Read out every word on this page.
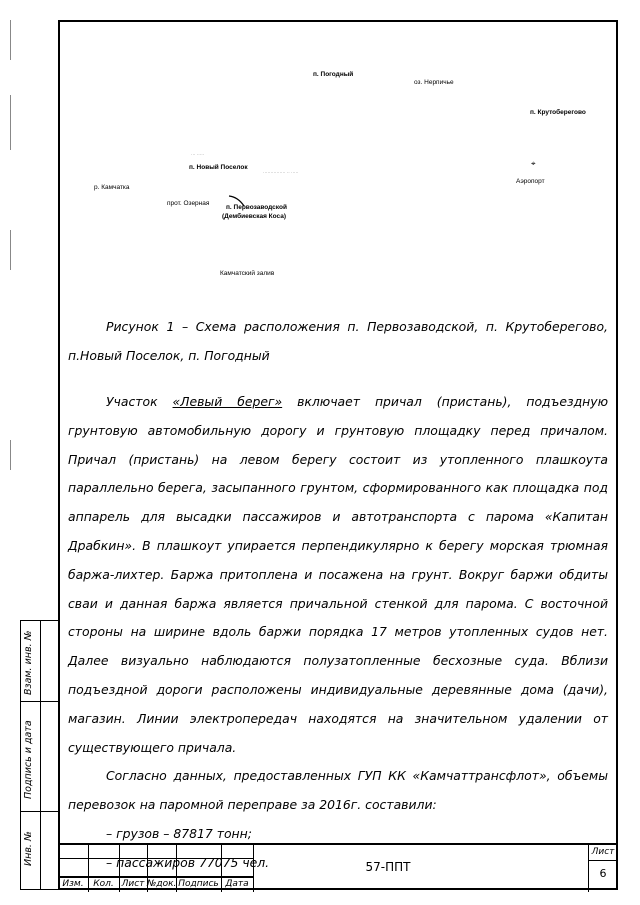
Взам. инв. №
Подпись и дата
Инв. №
п. Погодный
оз. Нерпичье
п. Крутоберегово
··· ·····
п. Новый Поселок
··············· ·· ·····
р. Камчатка
⌖
Аэропорт
прот. Озерная
п. Первозаводской
(Дембиевская Коса)
Камчатский залив

Рисунок 1 – Схема расположения п. Первозаводской, п. Крутоберегово, п.Новый Поселок, п. Погодный

Участок «Левый берег» включает причал (пристань), подъездную грунтовую автомобильную дорогу и грунтовую площадку перед причалом. Причал (пристань) на левом берегу состоит из утопленного плашкоута параллельно берега, засыпанного грунтом, сформированного как площадка под аппарель для высадки пассажиров и автотранспорта с парома «Капитан Драбкин». В плашкоут упирается перпендикулярно к берегу морская трюмная баржа-лихтер. Баржа притоплена и посажена на грунт. Вокруг баржи обдиты сваи и данная баржа является причальной стенкой для парома. С восточной стороны на ширине вдоль баржи порядка 17 метров утопленных судов нет. Далее визуально наблюдаются полузатопленные бесхозные суда. Вблизи подъездной дороги расположены индивидуальные деревянные дома (дачи), магазин. Линии электропередач находятся на значительном удалении от существующего причала.

Согласно данных, предоставленных ГУП КК «Камчаттрансфлот», объемы перевозок на паромной переправе за 2016г. составили:

– грузов – 87817 тонн;

– пассажиров 77075 чел.

Изм.	Кол. Лист №док. Подпись Дата
57-ППТ
Лист
6
